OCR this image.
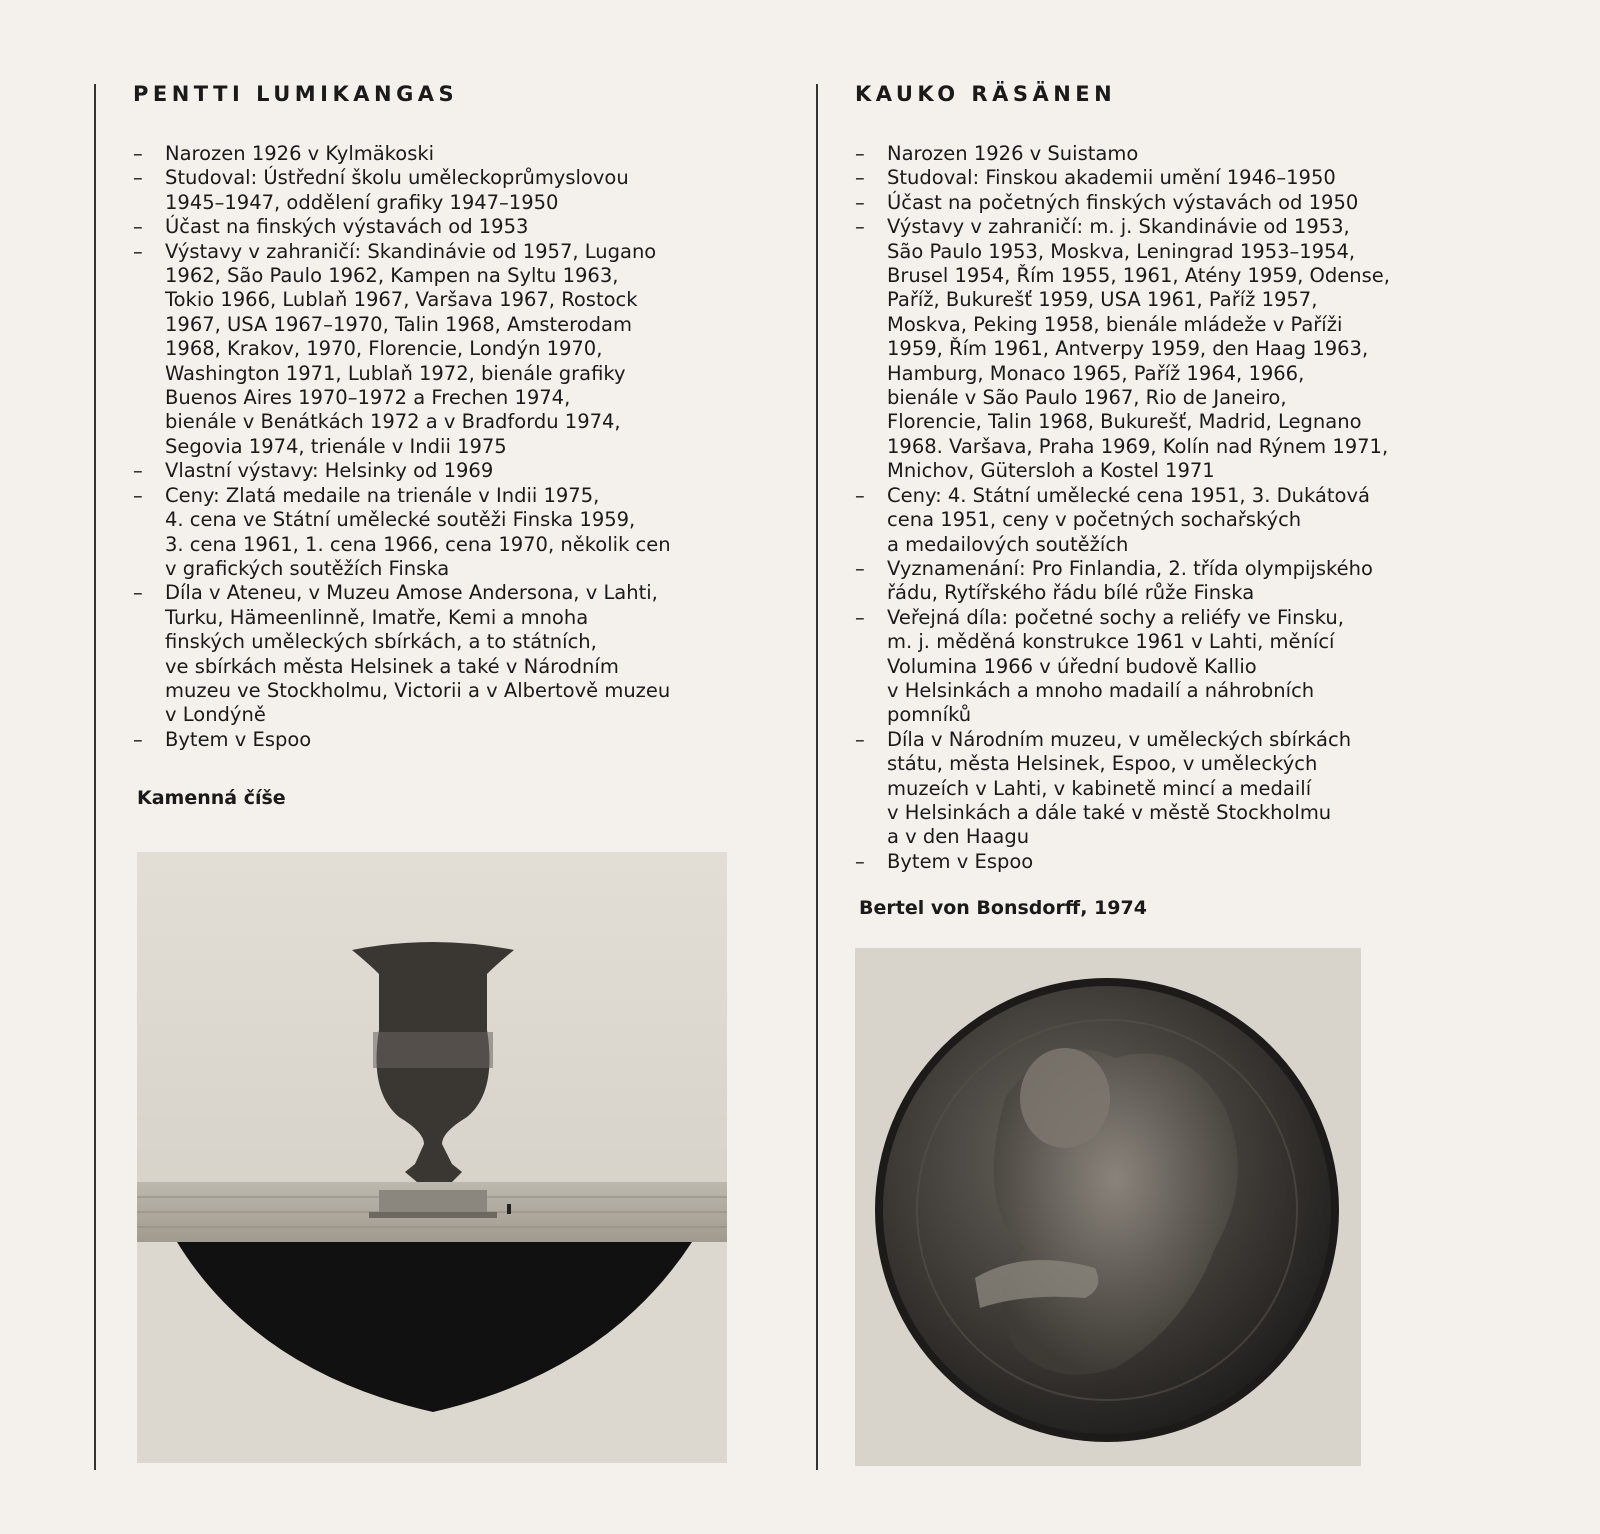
PENTTI LUMIKANGAS
– Narozen 1926 v Kylmäkoski
– Studoval: Ústřední školu uměleckoprůmyslovou
1945–1947, oddělení grafiky 1947–1950
– Účast na finských výstavách od 1953
– Výstavy v zahraničí: Skandinávie od 1957, Lugano
1962, São Paulo 1962, Kampen na Syltu 1963,
Tokio 1966, Lublaň 1967, Varšava 1967, Rostock
1967, USA 1967–1970, Talin 1968, Amsterodam
1968, Krakov, 1970, Florencie, Londýn 1970,
Washington 1971, Lublaň 1972, bienále grafiky
Buenos Aires 1970–1972 a Frechen 1974,
bienále v Benátkách 1972 a v Bradfordu 1974,
Segovia 1974, trienále v Indii 1975
– Vlastní výstavy: Helsinky od 1969
– Ceny: Zlatá medaile na trienále v Indii 1975,
4. cena ve Státní umělecké soutěži Finska 1959,
3. cena 1961, 1. cena 1966, cena 1970, několik cen
v grafických soutěžích Finska
– Díla v Ateneu, v Muzeu Amose Andersona, v Lahti,
Turku, Hämeenlinně, Imatře, Kemi a mnoha
finských uměleckých sbírkách, a to státních,
ve sbírkách města Helsinek a také v Národním
muzeu ve Stockholmu, Victorii a v Albertově muzeu
v Londýně
– Bytem v Espoo
Kamenná číše
KAUKO RÄSÄNEN
– Narozen 1926 v Suistamo
– Studoval: Finskou akademii umění 1946–1950
– Účast na početných finských výstavách od 1950
– Výstavy v zahraničí: m. j. Skandinávie od 1953,
São Paulo 1953, Moskva, Leningrad 1953–1954,
Brusel 1954, Řím 1955, 1961, Atény 1959, Odense,
Paříž, Bukurešť 1959, USA 1961, Paříž 1957,
Moskva, Peking 1958, bienále mládeže v Paříži
1959, Řím 1961, Antverpy 1959, den Haag 1963,
Hamburg, Monaco 1965, Paříž 1964, 1966,
bienále v São Paulo 1967, Rio de Janeiro,
Florencie, Talin 1968, Bukurešť, Madrid, Legnano
1968. Varšava, Praha 1969, Kolín nad Rýnem 1971,
Mnichov, Gütersloh a Kostel 1971
– Ceny: 4. Státní umělecké cena 1951, 3. Dukátová
cena 1951, ceny v početných sochařských
a medailových soutěžích
– Vyznamenání: Pro Finlandia, 2. třída olympijského
řádu, Rytířského řádu bílé růže Finska
– Veřejná díla: početné sochy a reliéfy ve Finsku,
m. j. měděná konstrukce 1961 v Lahti, měnící
Volumina 1966 v úřední budově Kallio
v Helsinkách a mnoho madailí a náhrobních
pomníků
– Díla v Národním muzeu, v uměleckých sbírkách
státu, města Helsinek, Espoo, v uměleckých
muzeích v Lahti, v kabinetě mincí a medailí
v Helsinkách a dále také v městě Stockholmu
a v den Haagu
– Bytem v Espoo
Bertel von Bonsdorff, 1974
